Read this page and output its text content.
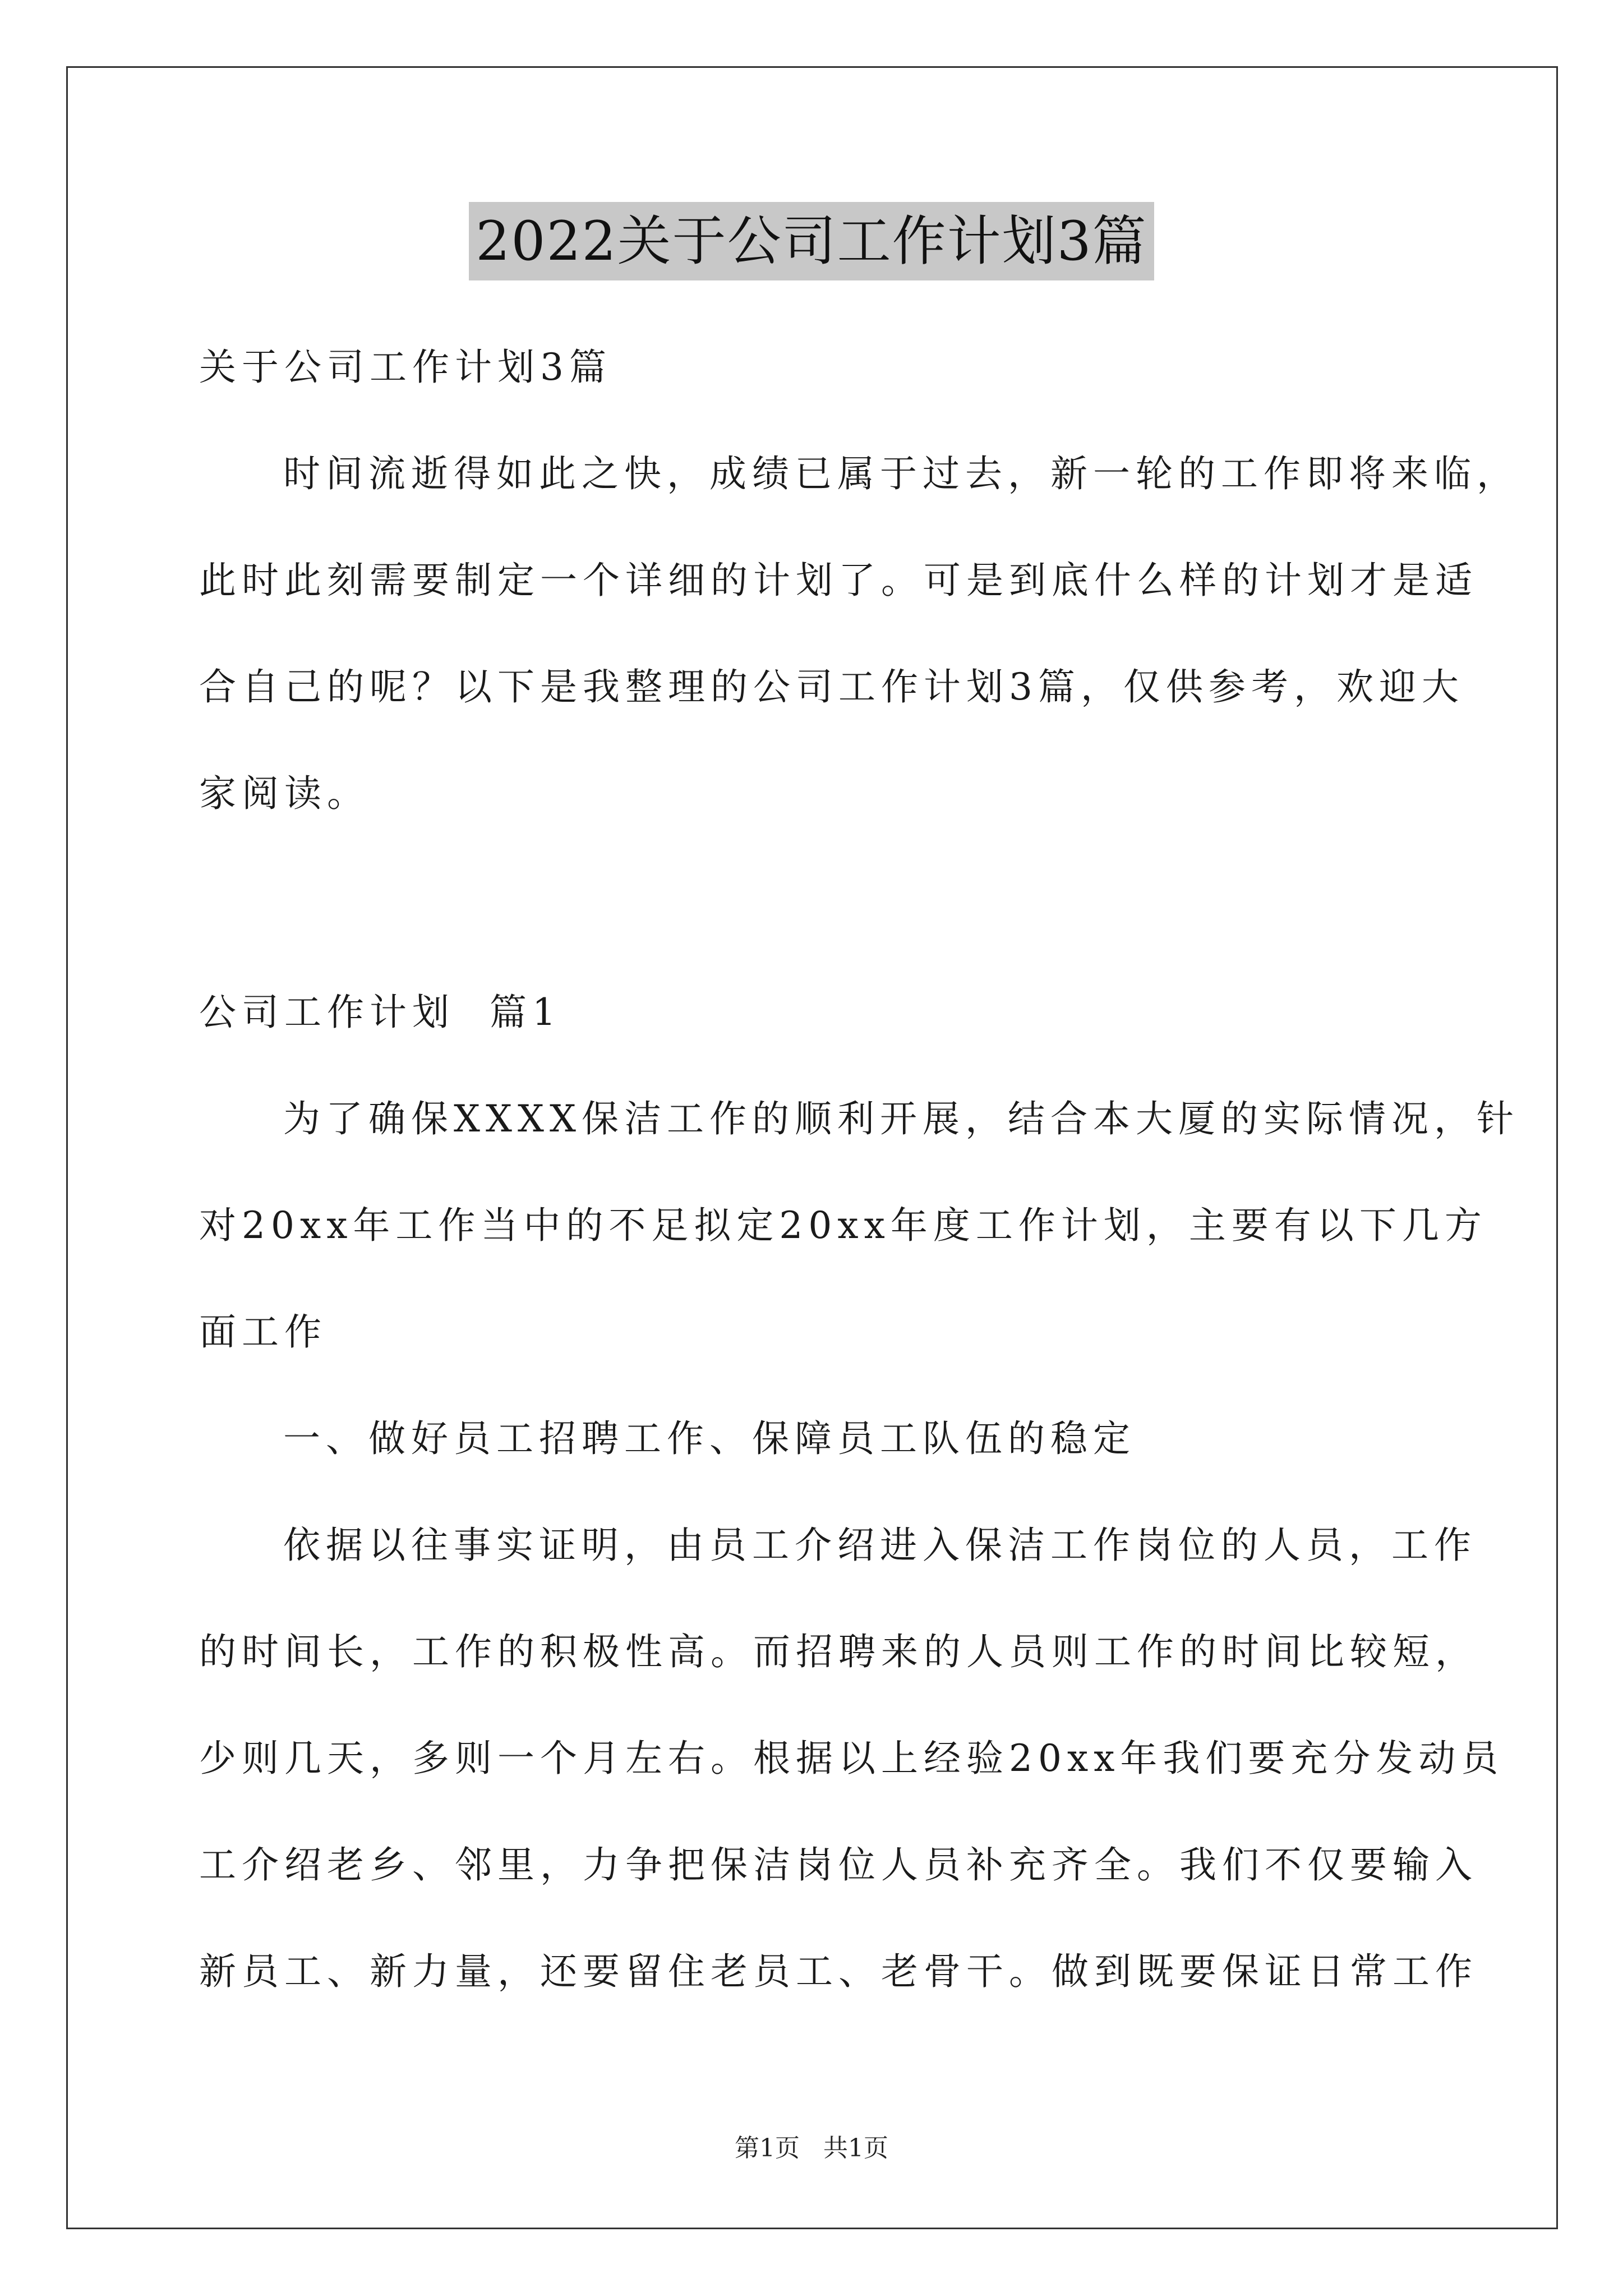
2022关于公司工作计划3篇
关于公司工作计划3篇
时间流逝得如此之快，成绩已属于过去，新一轮的工作即将来临，
此时此刻需要制定一个详细的计划了。可是到底什么样的计划才是适
合自己的呢？以下是我整理的公司工作计划3篇，仅供参考，欢迎大
家阅读。
公司工作计划  篇1
为了确保XXXX保洁工作的顺利开展，结合本大厦的实际情况，针
对20xx年工作当中的不足拟定20xx年度工作计划，主要有以下几方
面工作
一、做好员工招聘工作、保障员工队伍的稳定
依据以往事实证明，由员工介绍进入保洁工作岗位的人员，工作
的时间长，工作的积极性高。而招聘来的人员则工作的时间比较短，
少则几天，多则一个月左右。根据以上经验20xx年我们要充分发动员
工介绍老乡、邻里，力争把保洁岗位人员补充齐全。我们不仅要输入
新员工、新力量，还要留住老员工、老骨干。做到既要保证日常工作
第1页   共1页
